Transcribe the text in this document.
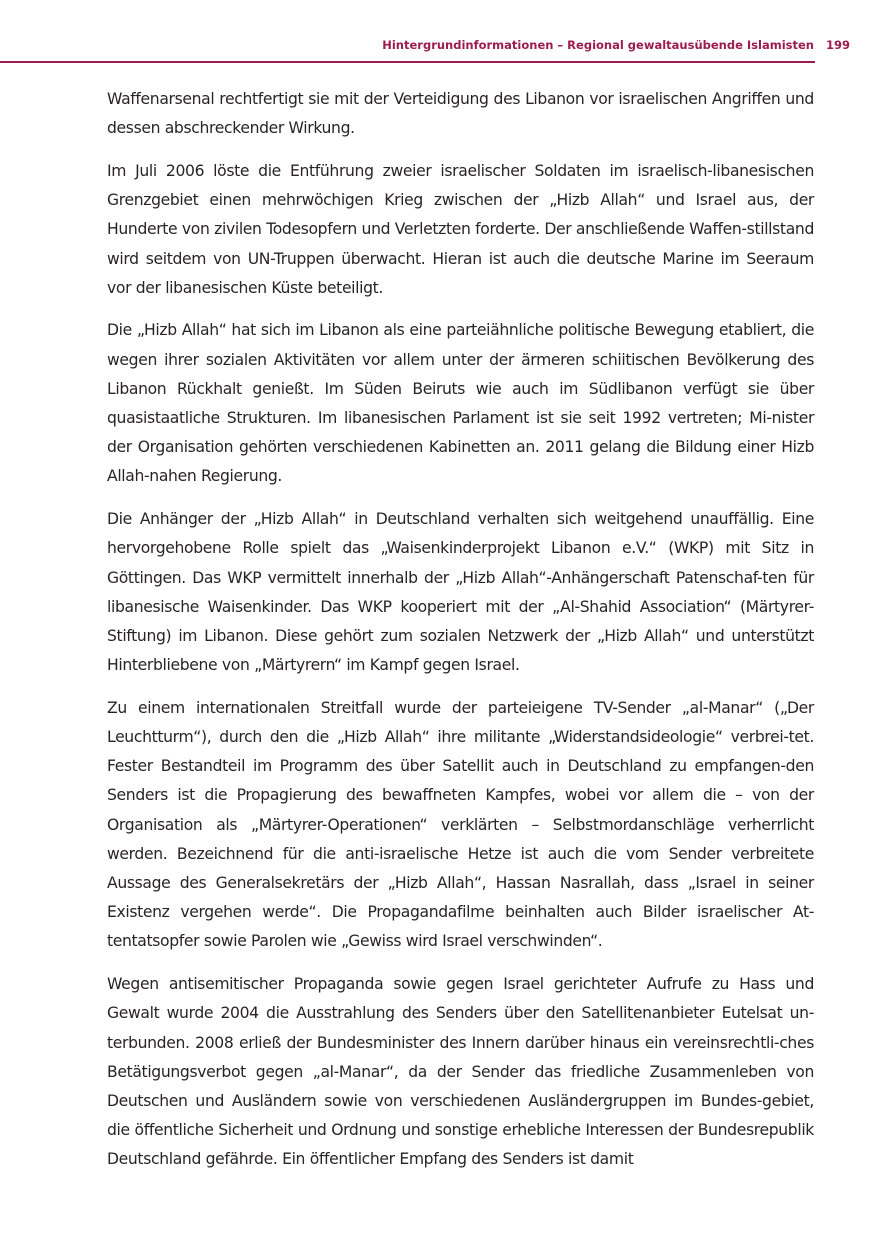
Hintergrundinformationen – Regional gewaltausübende Islamisten 199

Waffenarsenal rechtfertigt sie mit der Verteidigung des Libanon vor israelischen Angriffen und dessen abschreckender Wirkung.

Im Juli 2006 löste die Entführung zweier israelischer Soldaten im israelisch-libanesischen Grenzgebiet einen mehrwöchigen Krieg zwischen der „Hizb Allah“ und Israel aus, der Hunderte von zivilen Todesopfern und Verletzten forderte. Der anschließende Waffen-stillstand wird seitdem von UN-Truppen überwacht. Hieran ist auch die deutsche Marine im Seeraum vor der libanesischen Küste beteiligt.

Die „Hizb Allah“ hat sich im Libanon als eine parteiähnliche politische Bewegung etabliert, die wegen ihrer sozialen Aktivitäten vor allem unter der ärmeren schiitischen Bevölkerung des Libanon Rückhalt genießt. Im Süden Beiruts wie auch im Südlibanon verfügt sie über quasistaatliche Strukturen. Im libanesischen Parlament ist sie seit 1992 vertreten; Mi-nister der Organisation gehörten verschiedenen Kabinetten an. 2011 gelang die Bildung einer Hizb Allah-nahen Regierung.

Die Anhänger der „Hizb Allah“ in Deutschland verhalten sich weitgehend unauffällig. Eine hervorgehobene Rolle spielt das „Waisenkinderprojekt Libanon e.V.“ (WKP) mit Sitz in Göttingen. Das WKP vermittelt innerhalb der „Hizb Allah“-Anhängerschaft Patenschaf-ten für libanesische Waisenkinder. Das WKP kooperiert mit der „Al-Shahid Association“ (Märtyrer-Stiftung) im Libanon. Diese gehört zum sozialen Netzwerk der „Hizb Allah“ und unterstützt Hinterbliebene von „Märtyrern“ im Kampf gegen Israel.

Zu einem internationalen Streitfall wurde der parteieigene TV-Sender „al-Manar“ („Der Leuchtturm“), durch den die „Hizb Allah“ ihre militante „Widerstandsideologie“ verbrei-tet. Fester Bestandteil im Programm des über Satellit auch in Deutschland zu empfangen-den Senders ist die Propagierung des bewaffneten Kampfes, wobei vor allem die – von der Organisation als „Märtyrer-Operationen“ verklärten – Selbstmordanschläge verherrlicht werden. Bezeichnend für die anti-israelische Hetze ist auch die vom Sender verbreitete Aussage des Generalsekretärs der „Hizb Allah“, Hassan Nasrallah, dass „Israel in seiner Existenz vergehen werde“. Die Propagandafilme beinhalten auch Bilder israelischer At-tentatsopfer sowie Parolen wie „Gewiss wird Israel verschwinden“.

Wegen antisemitischer Propaganda sowie gegen Israel gerichteter Aufrufe zu Hass und Gewalt wurde 2004 die Ausstrahlung des Senders über den Satellitenanbieter Eutelsat un-terbunden. 2008 erließ der Bundesminister des Innern darüber hinaus ein vereinsrechtli-ches Betätigungsverbot gegen „al-Manar“, da der Sender das friedliche Zusammenleben von Deutschen und Ausländern sowie von verschiedenen Ausländergruppen im Bundes-gebiet, die öffentliche Sicherheit und Ordnung und sonstige erhebliche Interessen der Bundesrepublik Deutschland gefährde. Ein öffentlicher Empfang des Senders ist damit
